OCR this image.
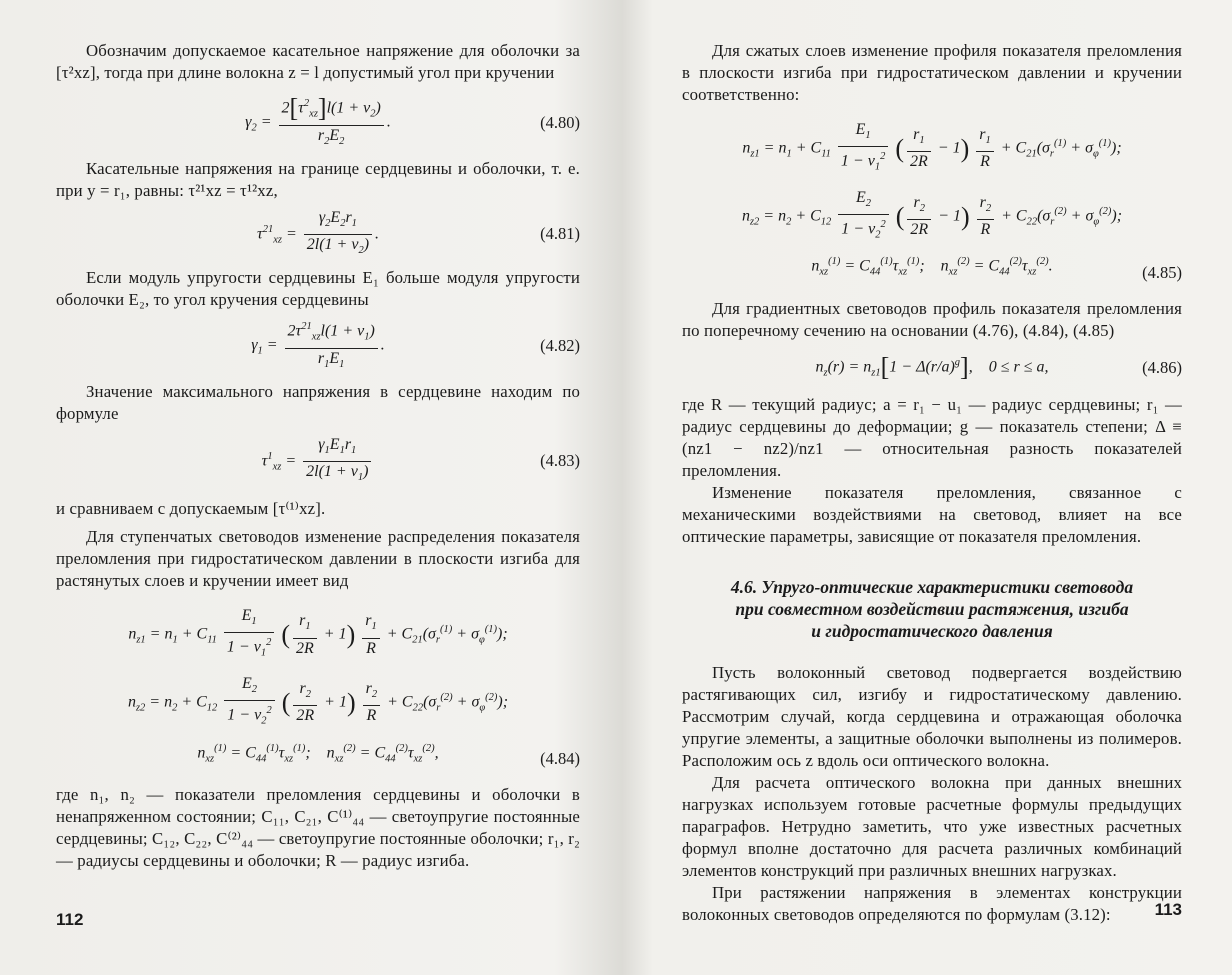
Обозначим допускаемое касательное напряжение для оболочки за [τ²xz], тогда при длине волокна z = l допустимый угол при кручении

$\gamma_2 = \frac{2[\tau^2_{xz}]l(1 + \nu_2)}{r_2E_2}$ .	(4.80)

Касательные напряжения на границе сердцевины и оболочки, т. е. при y = r₁, равны: τ²¹xz = τ¹²xz,

$\tau^{21}_{xz} = \frac{\gamma_2E_2r_1}{2l(1 + \nu_2)}$ .	(4.81)

Если модуль упругости сердцевины E₁ больше модуля упругости оболочки E₂, то угол кручения сердцевины

$\gamma_1 = \frac{2\tau^{21}_{xz}l(1 + \nu_1)}{r_1E_1}$ .	(4.82)

Значение максимального напряжения в сердцевине находим по формуле

$\tau^1_{xz} = \frac{\gamma_1E_1r_1}{2l(1 + \nu_1)}$	(4.83)

и сравниваем с допускаемым [τ⁽¹⁾xz].

Для ступенчатых световодов изменение распределения показателя преломления при гидростатическом давлении в плоскости изгиба для растянутых слоев и кручении имеет вид

$n_{z1} = n_1 + C_{11} \frac{E_1}{1 - \nu_1^2}$ ( $\frac{r_1}{2R} + 1) \frac{r_1}{R} + C_{21}(\sigma_r^{(1)} + \sigma_\varphi^{(1)})$;
$n_{z2} = n_2 + C_{12} \frac{E_2}{1 - \nu_2^2}$ ( $\frac{r_2}{2R} + 1) \frac{r_2}{R} + C_{22}(\sigma_r^{(2)} + \sigma_\varphi^{(2)})$;
$n_{xz}^{(1)} = C_{44}^{(1)}\tau_{xz}^{(1)}$;    $n_{xz}^{(2)} = C_{44}^{(2)}\tau_{xz}^{(2)}$,	(4.84)

где n₁, n₂ — показатели преломления сердцевины и оболочки в ненапряженном состоянии; C₁₁, C₂₁, C⁽¹⁾₄₄ — светоупругие постоянные сердцевины; C₁₂, C₂₂, C⁽²⁾₄₄ — светоупругие постоянные оболочки; r₁, r₂ — радиусы сердцевины и оболочки; R — радиус изгиба.

112

Для сжатых слоев изменение профиля показателя преломления в плоскости изгиба при гидростатическом давлении и кручении соответственно:

$n_{z1} = n_1 + C_{11} \frac{E_1}{1 - \nu_1^2}$ ( $\frac{r_1}{2R} - 1) \frac{r_1}{R} + C_{21}(\sigma_r^{(1)} + \sigma_\varphi^{(1)})$;
$n_{z2} = n_2 + C_{12} \frac{E_2}{1 - \nu_2^2}$ ( $\frac{r_2}{2R} - 1) \frac{r_2}{R} + C_{22}(\sigma_r^{(2)} + \sigma_\varphi^{(2)})$;
$n_{xz}^{(1)} = C_{44}^{(1)}\tau_{xz}^{(1)}$;    $n_{xz}^{(2)} = C_{44}^{(2)}\tau_{xz}^{(2)}$.	(4.85)

Для градиентных световодов профиль показателя преломления по поперечному сечению на основании (4.76), (4.84), (4.85)

$n_z(r) = n_{z1}[1 - \Delta(r/a)^g]$,    0 ≤ r ≤ a,	(4.86)

где R — текущий радиус; a = r₁ − u₁ — радиус сердцевины; r₁ — радиус сердцевины до деформации; g — показатель степени; Δ ≡ (nz1 − nz2)/nz1 — относительная разность показателей преломления.

Изменение показателя преломления, связанное с механическими воздействиями на световод, влияет на все оптические параметры, зависящие от показателя преломления.

4.6. Упруго-оптические характеристики световода
при совместном воздействии растяжения, изгиба
и гидростатического давления

Пусть волоконный световод подвергается воздействию растягивающих сил, изгибу и гидростатическому давлению. Рассмотрим случай, когда сердцевина и отражающая оболочка упругие элементы, а защитные оболочки выполнены из полимеров. Расположим ось z вдоль оси оптического волокна.

Для расчета оптического волокна при данных внешних нагрузках используем готовые расчетные формулы предыдущих параграфов. Нетрудно заметить, что уже известных расчетных формул вполне достаточно для расчета различных комбинаций элементов конструкций при различных внешних нагрузках.

При растяжении напряжения в элементах конструкции волоконных световодов определяются по формулам (3.12):	113
